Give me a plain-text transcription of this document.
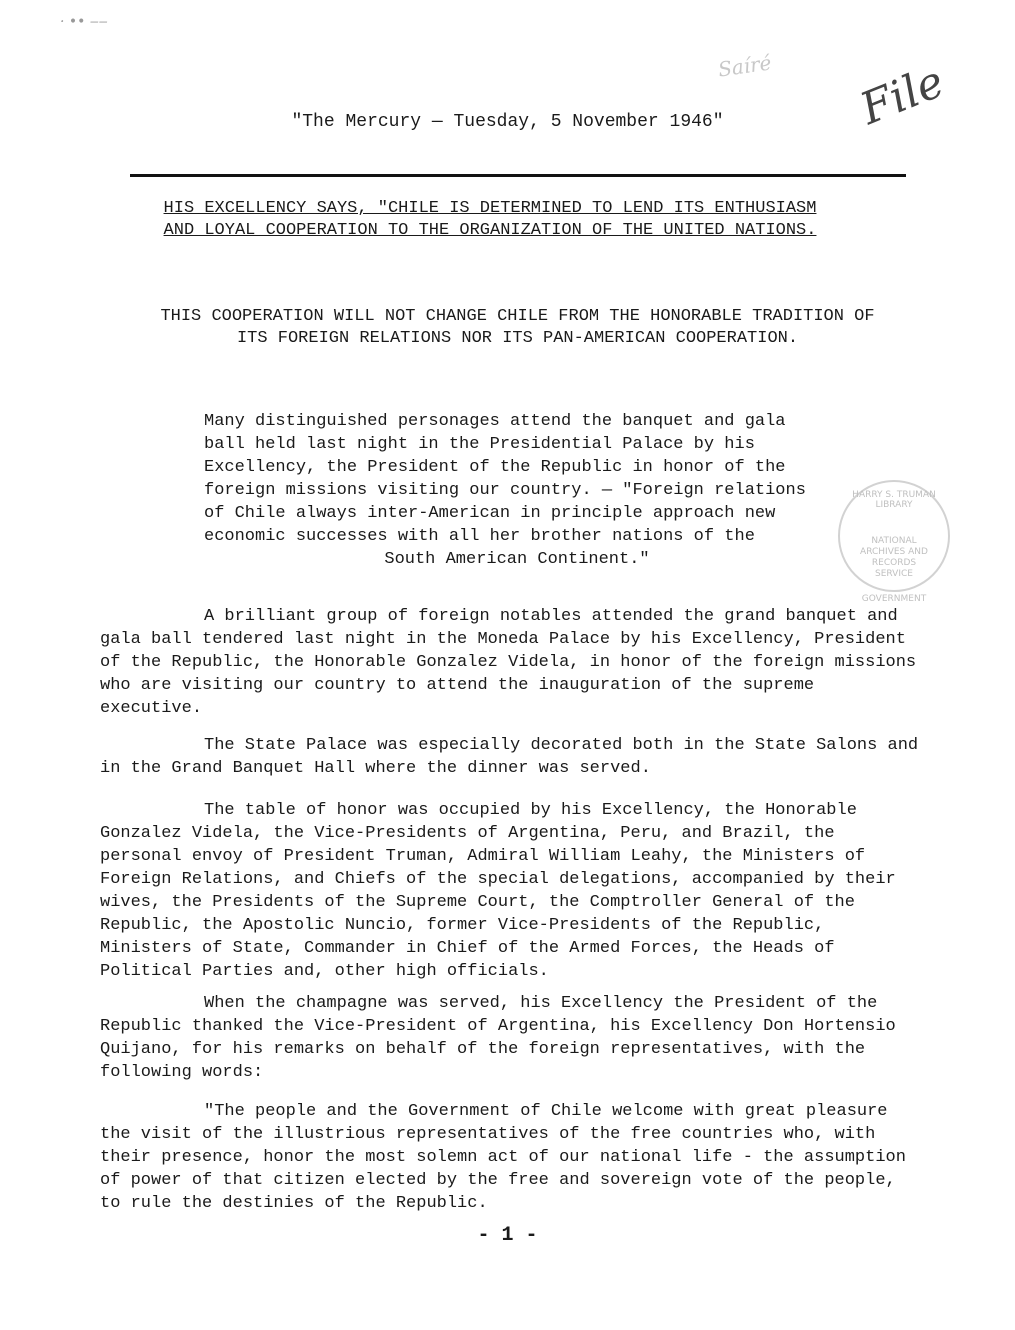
· •• ‒‒
Saíré File
"The Mercury — Tuesday, 5 November 1946"
HIS EXCELLENCY SAYS, "CHILE IS DETERMINED TO LEND ITS ENTHUSIASM AND LOYAL COOPERATION TO THE ORGANIZATION OF THE UNITED NATIONS.
THIS COOPERATION WILL NOT CHANGE CHILE FROM THE HONORABLE TRADITION OF ITS FOREIGN RELATIONS NOR ITS PAN-AMERICAN COOPERATION.
Many distinguished personages attend the banquet and gala ball held last night in the Presidential Palace by his Excellency, the President of the Republic in honor of the foreign missions visiting our country. — "Foreign relations of Chile always inter-American in principle approach new economic successes with all her brother nations of the
South American Continent."
HARRY S. TRUMAN LIBRARY
NATIONAL
ARCHIVES AND
RECORDS
SERVICE
GOVERNMENT
A brilliant group of foreign notables attended the grand banquet and gala ball tendered last night in the Moneda Palace by his Excellency, President of the Republic, the Honorable Gonzalez Videla, in honor of the foreign missions who are visiting our country to attend the inauguration of the supreme executive.
The State Palace was especially decorated both in the State Salons and in the Grand Banquet Hall where the dinner was served.
The table of honor was occupied by his Excellency, the Honorable Gonzalez Videla, the Vice-Presidents of Argentina, Peru, and Brazil, the personal envoy of President Truman, Admiral William Leahy, the Ministers of Foreign Relations, and Chiefs of the special delegations, accompanied by their wives, the Presidents of the Supreme Court, the Comptroller General of the Republic, the Apostolic Nuncio, former Vice-Presidents of the Republic, Ministers of State, Commander in Chief of the Armed Forces, the Heads of Political Parties and, other high officials.
When the champagne was served, his Excellency the President of the Republic thanked the Vice-President of Argentina, his Excellency Don Hortensio Quijano, for his remarks on behalf of the foreign representatives, with the following words:
"The people and the Government of Chile welcome with great pleasure the visit of the illustrious representatives of the free countries who, with their presence, honor the most solemn act of our national life - the assumption of power of that citizen elected by the free and sovereign vote of the people, to rule the destinies of the Republic.
- 1 -
